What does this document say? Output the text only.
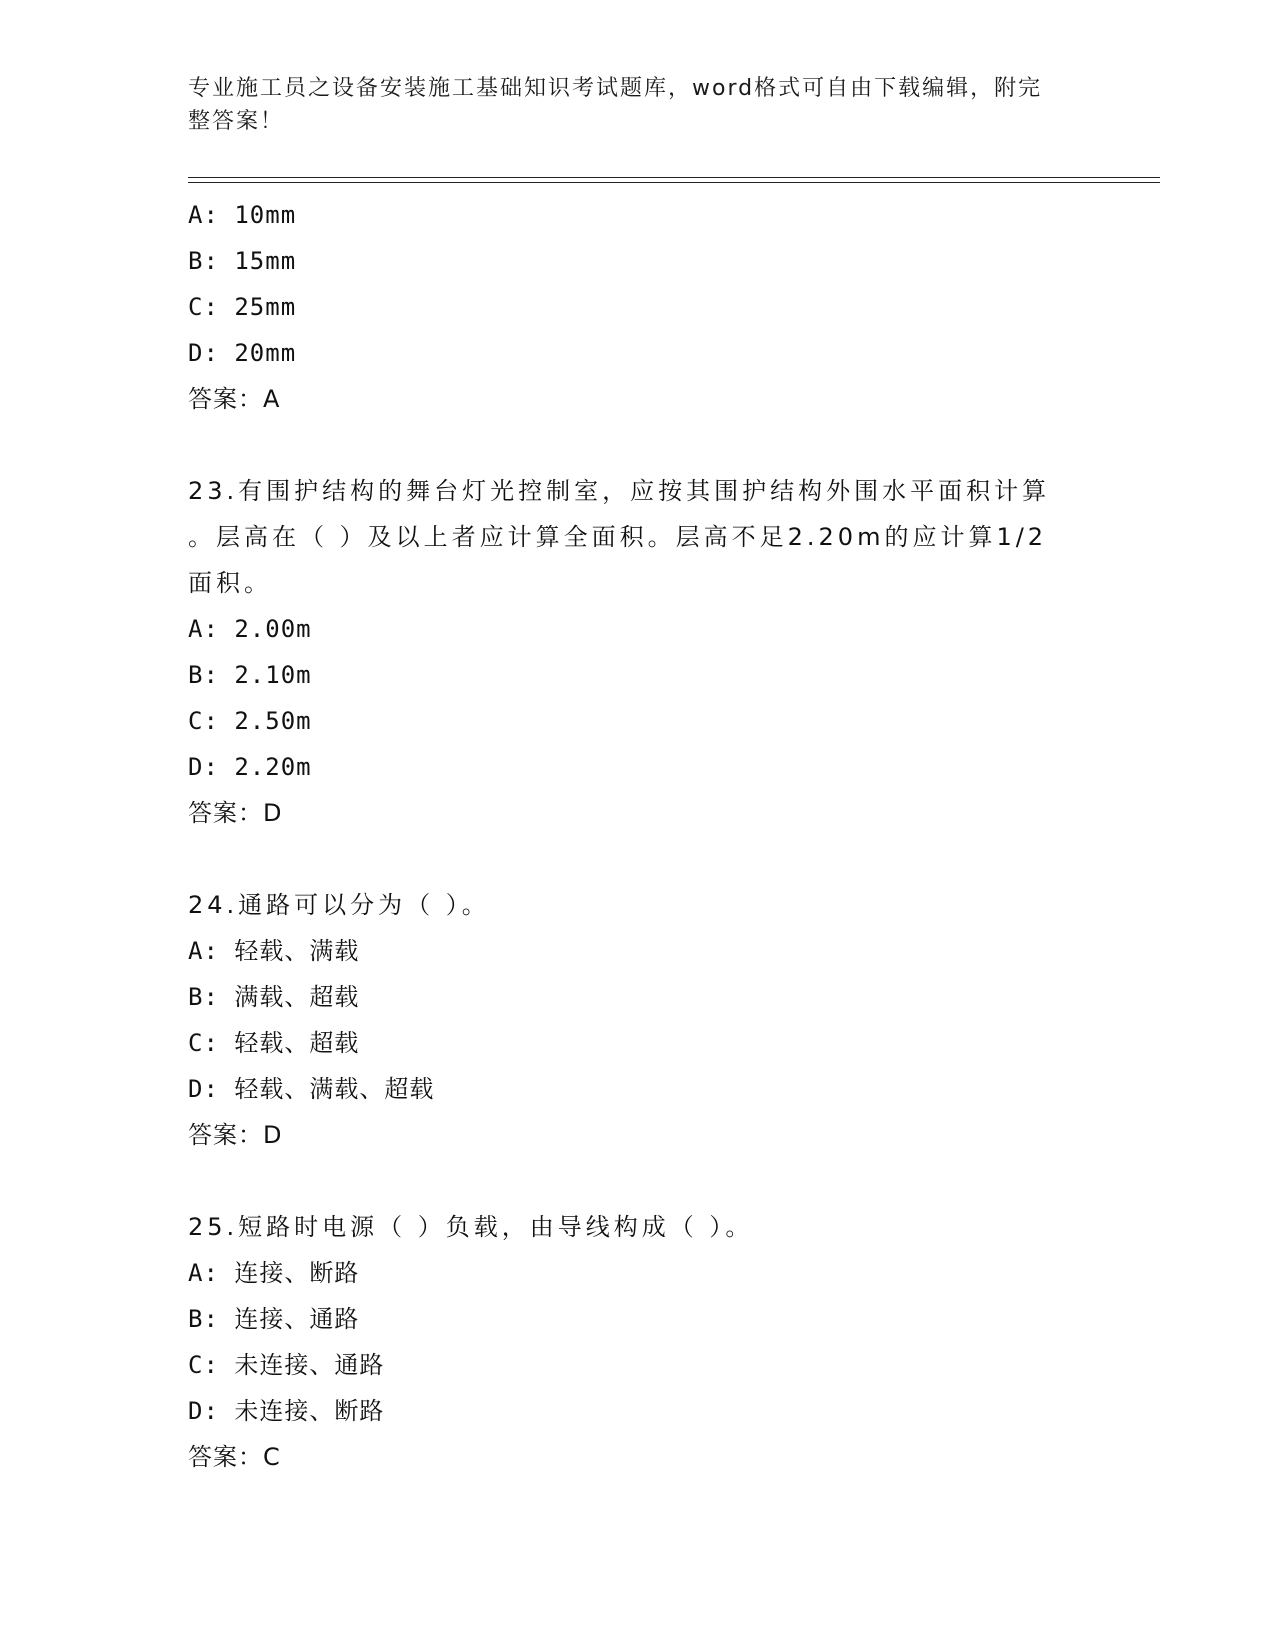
专业施工员之设备安装施工基础知识考试题库，word格式可自由下载编辑，附完
整答案！
A: 10mm
B: 15mm
C: 25mm
D: 20mm
答案：A
23.有围护结构的舞台灯光控制室，应按其围护结构外围水平面积计算
。层高在（ ）及以上者应计算全面积。层高不足2.20m的应计算1/2
面积。
A: 2.00m
B: 2.10m
C: 2.50m
D: 2.20m
答案：D
24.通路可以分为（ ）。
A: 轻载、满载
B: 满载、超载
C: 轻载、超载
D: 轻载、满载、超载
答案：D
25.短路时电源（ ）负载，由导线构成（ ）。
A: 连接、断路
B: 连接、通路
C: 未连接、通路
D: 未连接、断路
答案：C
